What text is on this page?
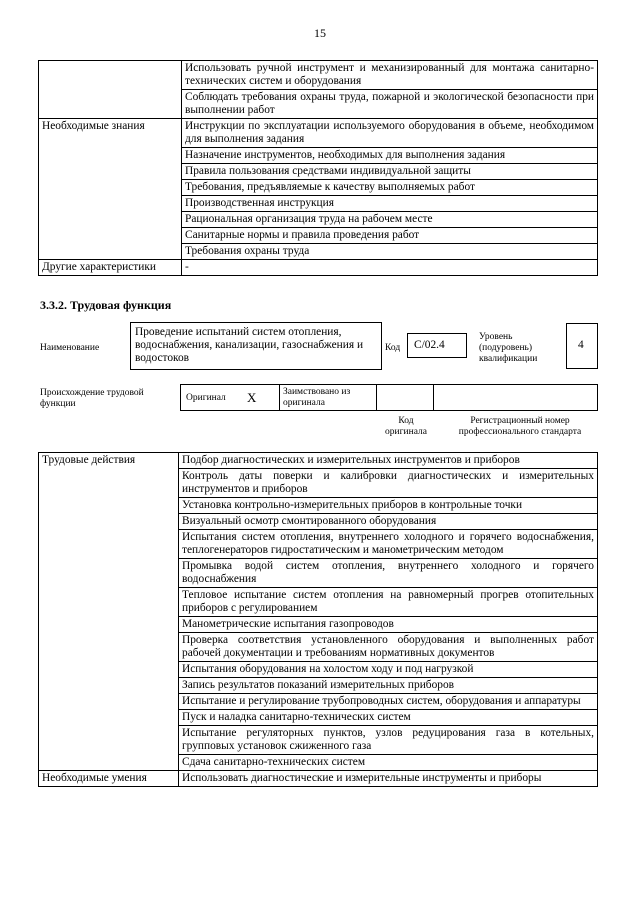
15
	Использовать ручной инструмент и механизированный для монтажа санитарно-технических систем и оборудования
	Соблюдать требования охраны труда, пожарной и экологической безопасности при выполнении работ
Необходимые знания	Инструкции по эксплуатации используемого оборудования в объеме, необходимом для выполнения задания
	Назначение инструментов, необходимых для выполнения задания
	Правила пользования средствами индивидуальной защиты
	Требования, предъявляемые к качеству выполняемых работ
	Производственная инструкция
	Рациональная организация труда на рабочем месте
	Санитарные нормы и правила проведения работ
	Требования охраны труда
Другие характеристики	-
3.3.2. Трудовая функция
Наименование
Проведение испытаний систем отопления, водоснабжения, канализации, газоснабжения и водостоков
Код С/02.4
Уровень (подуровень) квалификации
4
Происхождение трудовой функции
Оригинал X	Заимствовано из оригинала
Код оригинала
Регистрационный номер профессионального стандарта
Трудовые действия	Подбор диагностических и измерительных инструментов и приборов
	Контроль даты поверки и калибровки диагностических и измерительных инструментов и приборов
	Установка контрольно-измерительных приборов в контрольные точки
	Визуальный осмотр смонтированного оборудования
	Испытания систем отопления, внутреннего холодного и горячего водоснабжения, теплогенераторов гидростатическим и манометрическим методом
	Промывка водой систем отопления, внутреннего холодного и горячего водоснабжения
	Тепловое испытание систем отопления на равномерный прогрев отопительных приборов с регулированием
	Манометрические испытания газопроводов
	Проверка соответствия установленного оборудования и выполненных работ рабочей документации и требованиям нормативных документов
	Испытания оборудования на холостом ходу и под нагрузкой
	Запись результатов показаний измерительных приборов
	Испытание и регулирование трубопроводных систем, оборудования и аппаратуры
	Пуск и наладка санитарно-технических систем
	Испытание регуляторных пунктов, узлов редуцирования газа в котельных, групповых установок сжиженного газа
	Сдача санитарно-технических систем
Необходимые умения	Использовать диагностические и измерительные инструменты и приборы
